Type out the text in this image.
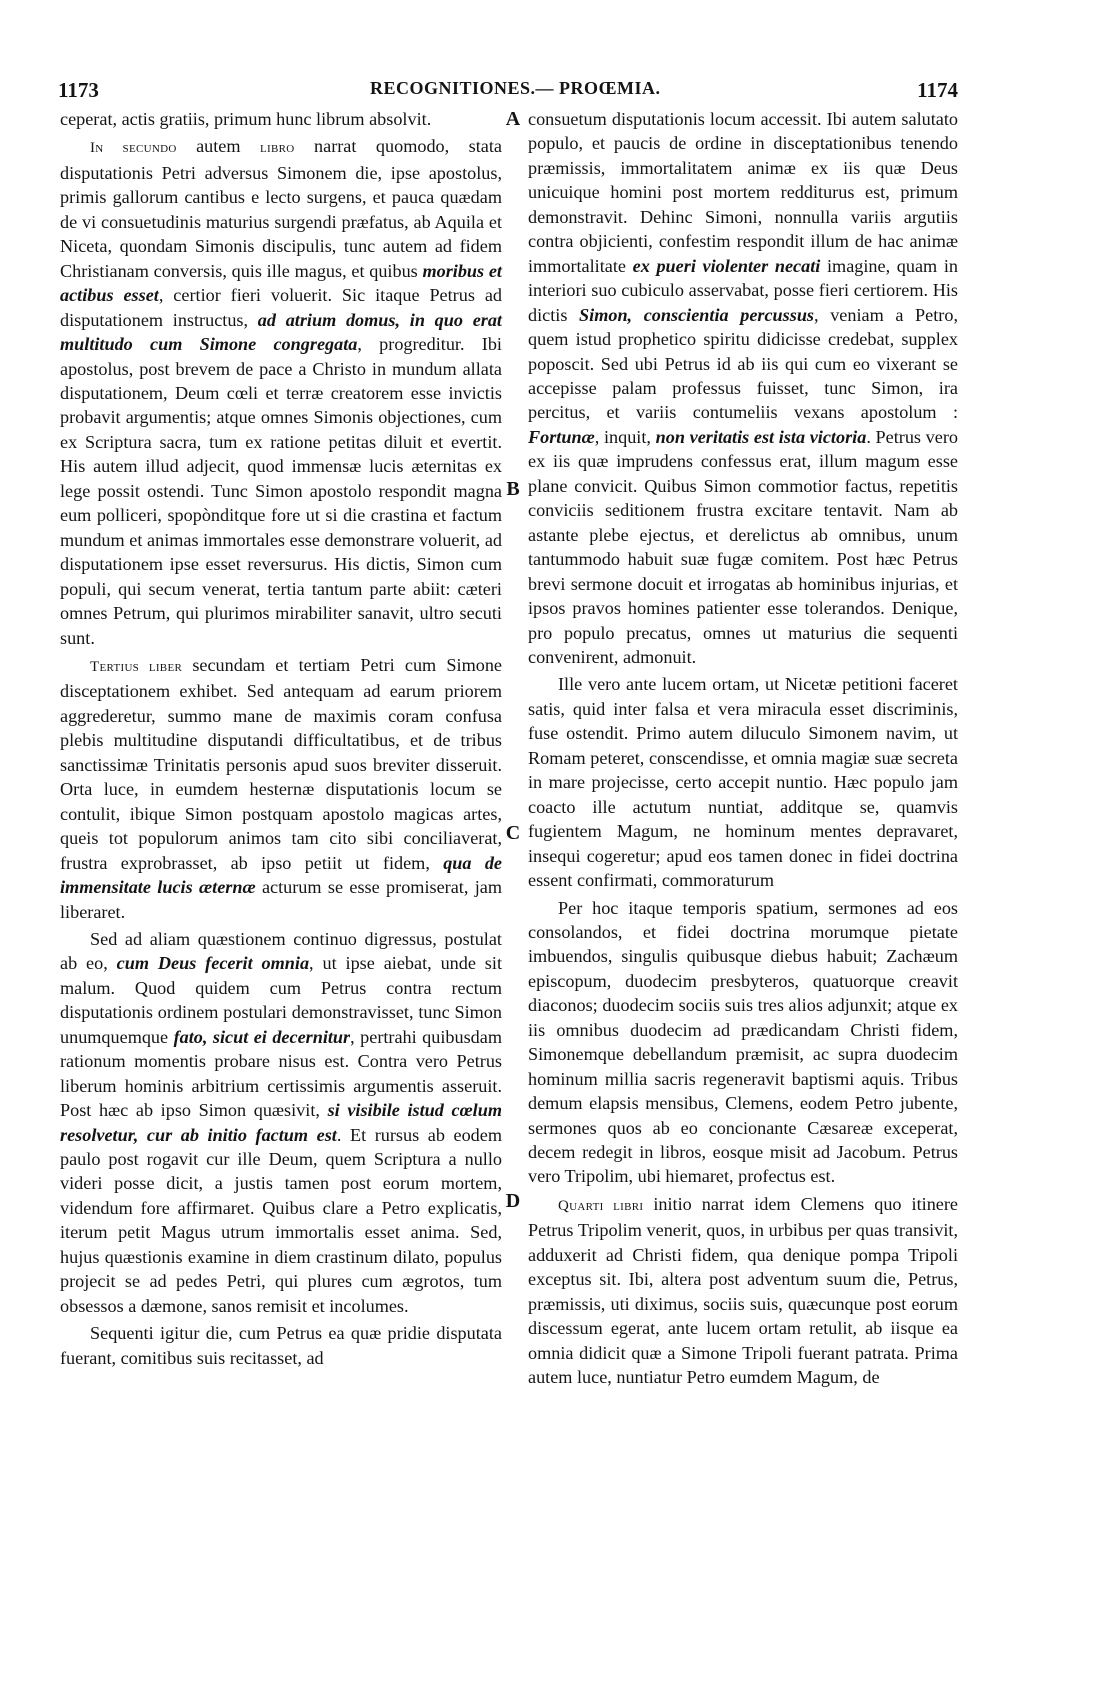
1173	RECOGNITIONES.— PROŒMIA.	1174
A
B
C
D

ceperat, actis gratiis, primum hunc librum absolvit.

In secundo autem libro narrat quomodo, stata disputationis Petri adversus Simonem die, ipse apostolus, primis gallorum cantibus e lecto surgens, et pauca quædam de vi consuetudinis maturius surgendi præfatus, ab Aquila et Niceta, quondam Simonis discipulis, tunc autem ad fidem Christianam conversis, quis ille magus, et quibus moribus et actibus esset, certior fieri voluerit. Sic itaque Petrus ad disputationem instructus, ad atrium domus, in quo erat multitudo cum Simone congregata, progreditur. Ibi apostolus, post brevem de pace a Christo in mundum allata disputationem, Deum cœli et terræ creatorem esse invictis probavit argumentis; atque omnes Simonis objectiones, cum ex Scriptura sacra, tum ex ratione petitas diluit et evertit. His autem illud adjecit, quod immensæ lucis æternitas ex lege possit ostendi. Tunc Simon apostolo respondit magna eum polliceri, spopònditque fore ut si die crastina et factum mundum et animas immortales esse demonstrare voluerit, ad disputationem ipse esset reversurus. His dictis, Simon cum populi, qui secum venerat, tertia tantum parte abiit: cæteri omnes Petrum, qui plurimos mirabiliter sanavit, ultro secuti sunt.

Tertius liber secundam et tertiam Petri cum Simone disceptationem exhibet. Sed antequam ad earum priorem aggrederetur, summo mane de maximis coram confusa plebis multitudine disputandi difficultatibus, et de tribus sanctissimæ Trinitatis personis apud suos breviter disseruit. Orta luce, in eumdem hesternæ disputationis locum se contulit, ibique Simon postquam apostolo magicas artes, queis tot populorum animos tam cito sibi conciliaverat, frustra exprobrasset, ab ipso petiit ut fidem, qua de immensitate lucis æternæ acturum se esse promiserat, jam liberaret.

Sed ad aliam quæstionem continuo digressus, postulat ab eo, cum Deus fecerit omnia, ut ipse aiebat, unde sit malum. Quod quidem cum Petrus contra rectum disputationis ordinem postulari demonstravisset, tunc Simon unumquemque fato, sicut ei decernitur, pertrahi quibusdam rationum momentis probare nisus est. Contra vero Petrus liberum hominis arbitrium certissimis argumentis asseruit. Post hæc ab ipso Simon quæsivit, si visibile istud cœlum resolvetur, cur ab initio factum est. Et rursus ab eodem paulo post rogavit cur ille Deum, quem Scriptura a nullo videri posse dicit, a justis tamen post eorum mortem, videndum fore affirmaret. Quibus clare a Petro explicatis, iterum petit Magus utrum immortalis esset anima. Sed, hujus quæstionis examine in diem crastinum dilato, populus projecit se ad pedes Petri, qui plures cum ægrotos, tum obsessos a dæmone, sanos remisit et incolumes.

Sequenti igitur die, cum Petrus ea quæ pridie disputata fuerant, comitibus suis recitasset, ad

consuetum disputationis locum accessit. Ibi autem salutato populo, et paucis de ordine in disceptationibus tenendo præmissis, immortalitatem animæ ex iis quæ Deus unicuique homini post mortem redditurus est, primum demonstravit. Dehinc Simoni, nonnulla variis argutiis contra objicienti, confestim respondit illum de hac animæ immortalitate ex pueri violenter necati imagine, quam in interiori suo cubiculo asservabat, posse fieri certiorem. His dictis Simon, conscientia percussus, veniam a Petro, quem istud prophetico spiritu didicisse credebat, supplex poposcit. Sed ubi Petrus id ab iis qui cum eo vixerant se accepisse palam professus fuisset, tunc Simon, ira percitus, et variis contumeliis vexans apostolum : Fortunæ, inquit, non veritatis est ista victoria. Petrus vero ex iis quæ imprudens confessus erat, illum magum esse plane convicit. Quibus Simon commotior factus, repetitis conviciis seditionem frustra excitare tentavit. Nam ab astante plebe ejectus, et derelictus ab omnibus, unum tantummodo habuit suæ fugæ comitem. Post hæc Petrus brevi sermone docuit et irrogatas ab hominibus injurias, et ipsos pravos homines patienter esse tolerandos. Denique, pro populo precatus, omnes ut maturius die sequenti convenirent, admonuit.

Ille vero ante lucem ortam, ut Nicetæ petitioni faceret satis, quid inter falsa et vera miracula esset discriminis, fuse ostendit. Primo autem diluculo Simonem navim, ut Romam peteret, conscendisse, et omnia magiæ suæ secreta in mare projecisse, certo accepit nuntio. Hæc populo jam coacto ille actutum nuntiat, additque se, quamvis fugientem Magum, ne hominum mentes depravaret, insequi cogeretur; apud eos tamen donec in fidei doctrina essent confirmati, commoraturum

Per hoc itaque temporis spatium, sermones ad eos consolandos, et fidei doctrina morumque pietate imbuendos, singulis quibusque diebus habuit; Zachæum episcopum, duodecim presbyteros, quatuorque creavit diaconos; duodecim sociis suis tres alios adjunxit; atque ex iis omnibus duodecim ad prædicandam Christi fidem, Simonemque debellandum præmisit, ac supra duodecim hominum millia sacris regeneravit baptismi aquis. Tribus demum elapsis mensibus, Clemens, eodem Petro jubente, sermones quos ab eo concionante Cæsareæ exceperat, decem redegit in libros, eosque misit ad Jacobum. Petrus vero Tripolim, ubi hiemaret, profectus est.

Quarti libri initio narrat idem Clemens quo itinere Petrus Tripolim venerit, quos, in urbibus per quas transivit, adduxerit ad Christi fidem, qua denique pompa Tripoli exceptus sit. Ibi, altera post adventum suum die, Petrus, præmissis, uti diximus, sociis suis, quæcunque post eorum discessum egerat, ante lucem ortam retulit, ab iisque ea omnia didicit quæ a Simone Tripoli fuerant patrata. Prima autem luce, nuntiatur Petro eumdem Magum, de
